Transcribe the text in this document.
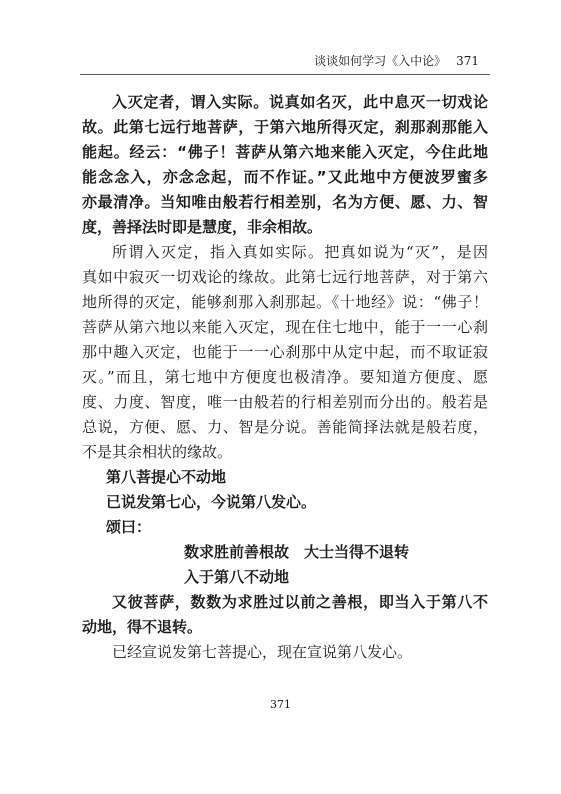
谈谈如何学习《入中论》 371
入灭定者，谓入实际。说真如名灭，此中息灭一切戏论
故。此第七远行地菩萨，于第六地所得灭定，刹那刹那能入
能起。经云：“佛子！菩萨从第六地来能入灭定，今住此地
能念念入，亦念念起，而不作证。”又此地中方便波罗蜜多
亦最清净。当知唯由般若行相差别，名为方便、愿、力、智
度，善择法时即是慧度，非余相故。
所谓入灭定，指入真如实际。把真如说为“灭”，是因
真如中寂灭一切戏论的缘故。此第七远行地菩萨，对于第六
地所得的灭定，能够刹那入刹那起。《十地经》说：“佛子！
菩萨从第六地以来能入灭定，现在住七地中，能于一一心刹
那中趣入灭定，也能于一一心刹那中从定中起，而不取证寂
灭。”而且，第七地中方便度也极清净。要知道方便度、愿
度、力度、智度，唯一由般若的行相差别而分出的。般若是
总说，方便、愿、力、智是分说。善能简择法就是般若度，
不是其余相状的缘故。
第八菩提心不动地
已说发第七心，今说第八发心。
颂曰：
数求胜前善根故　大士当得不退转
入于第八不动地
又彼菩萨，数数为求胜过以前之善根，即当入于第八不
动地，得不退转。
已经宣说发第七菩提心，现在宣说第八发心。
371
